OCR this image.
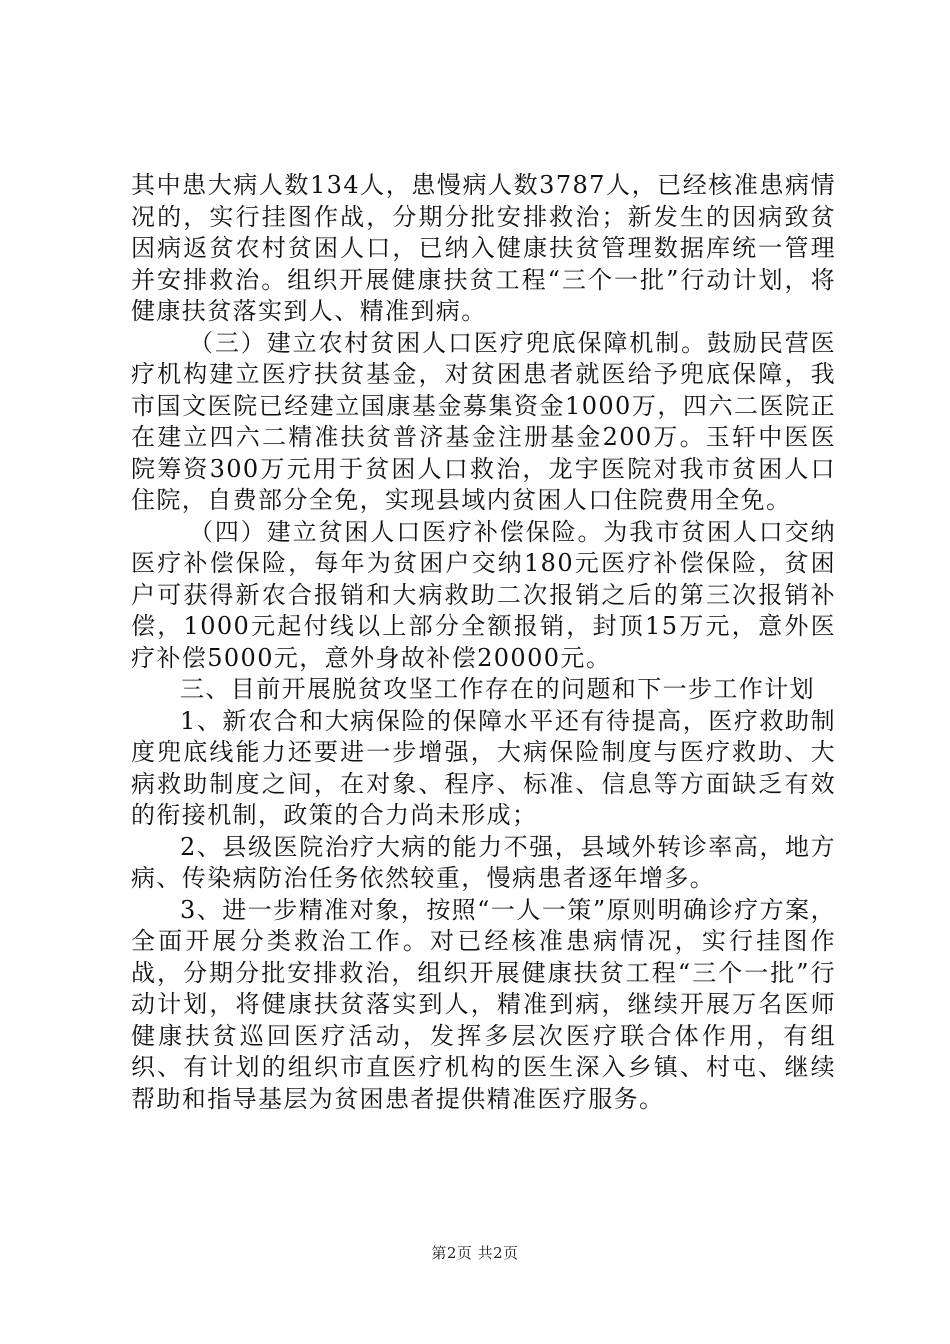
其中患大病人数134人，患慢病人数3787人，已经核准患病情况的，实行挂图作战，分期分批安排救治；新发生的因病致贫因病返贫农村贫困人口，已纳入健康扶贫管理数据库统一管理并安排救治。组织开展健康扶贫工程“三个一批”行动计划，将健康扶贫落实到人、精准到病。

（三）建立农村贫困人口医疗兜底保障机制。鼓励民营医疗机构建立医疗扶贫基金，对贫困患者就医给予兜底保障，我市国文医院已经建立国康基金募集资金1000万，四六二医院正在建立四六二精准扶贫普济基金注册基金200万。玉轩中医医院筹资300万元用于贫困人口救治，龙宇医院对我市贫困人口住院，自费部分全免，实现县域内贫困人口住院费用全免。

（四）建立贫困人口医疗补偿保险。为我市贫困人口交纳医疗补偿保险，每年为贫困户交纳180元医疗补偿保险，贫困户可获得新农合报销和大病救助二次报销之后的第三次报销补偿，1000元起付线以上部分全额报销，封顶15万元，意外医疗补偿5000元，意外身故补偿20000元。

三、目前开展脱贫攻坚工作存在的问题和下一步工作计划

1、新农合和大病保险的保障水平还有待提高，医疗救助制度兜底线能力还要进一步增强，大病保险制度与医疗救助、大病救助制度之间，在对象、程序、标准、信息等方面缺乏有效的衔接机制，政策的合力尚未形成；

2、县级医院治疗大病的能力不强，县域外转诊率高，地方病、传染病防治任务依然较重，慢病患者逐年增多。

3、进一步精准对象，按照“一人一策”原则明确诊疗方案，全面开展分类救治工作。对已经核准患病情况，实行挂图作战，分期分批安排救治，组织开展健康扶贫工程“三个一批”行动计划，将健康扶贫落实到人，精准到病，继续开展万名医师健康扶贫巡回医疗活动，发挥多层次医疗联合体作用，有组织、有计划的组织市直医疗机构的医生深入乡镇、村屯、继续帮助和指导基层为贫困患者提供精准医疗服务。

第2页 共2页
